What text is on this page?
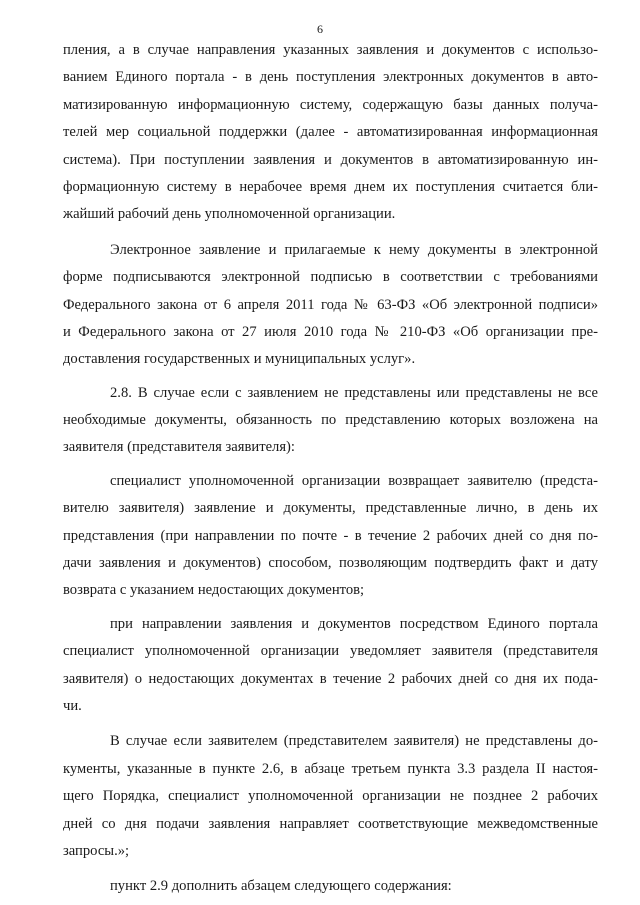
6
пления, а в случае направления указанных заявления и документов с использо-
ванием Единого портала - в день поступления электронных документов в авто-
матизированную информационную систему, содержащую базы данных получа-
телей мер социальной поддержки (далее - автоматизированная информационная
система). При поступлении заявления и документов в автоматизированную ин-
формационную систему в нерабочее время днем их поступления считается бли-
жайший рабочий день уполномоченной организации.
Электронное заявление и прилагаемые к нему документы в электронной
форме подписываются электронной подписью в соответствии с требованиями
Федерального закона от 6 апреля 2011 года № 63-ФЗ «Об электронной подписи»
и Федерального закона от 27 июля 2010 года № 210-ФЗ «Об организации пре-
доставления государственных и муниципальных услуг».
2.8. В случае если с заявлением не представлены или представлены не все
необходимые документы, обязанность по представлению которых возложена на
заявителя (представителя заявителя):
специалист уполномоченной организации возвращает заявителю (предста-
вителю заявителя) заявление и документы, представленные лично, в день их
представления (при направлении по почте - в течение 2 рабочих дней со дня по-
дачи заявления и документов) способом, позволяющим подтвердить факт и дату
возврата с указанием недостающих документов;
при направлении заявления и документов посредством Единого портала
специалист уполномоченной организации уведомляет заявителя (представителя
заявителя) о недостающих документах в течение 2 рабочих дней со дня их пода-
чи.
В случае если заявителем (представителем заявителя) не представлены до-
кументы, указанные в пункте 2.6, в абзаце третьем пункта 3.3 раздела II настоя-
щего Порядка, специалист уполномоченной организации не позднее 2 рабочих
дней со дня подачи заявления направляет соответствующие межведомственные
запросы.»;
пункт 2.9 дополнить абзацем следующего содержания:
